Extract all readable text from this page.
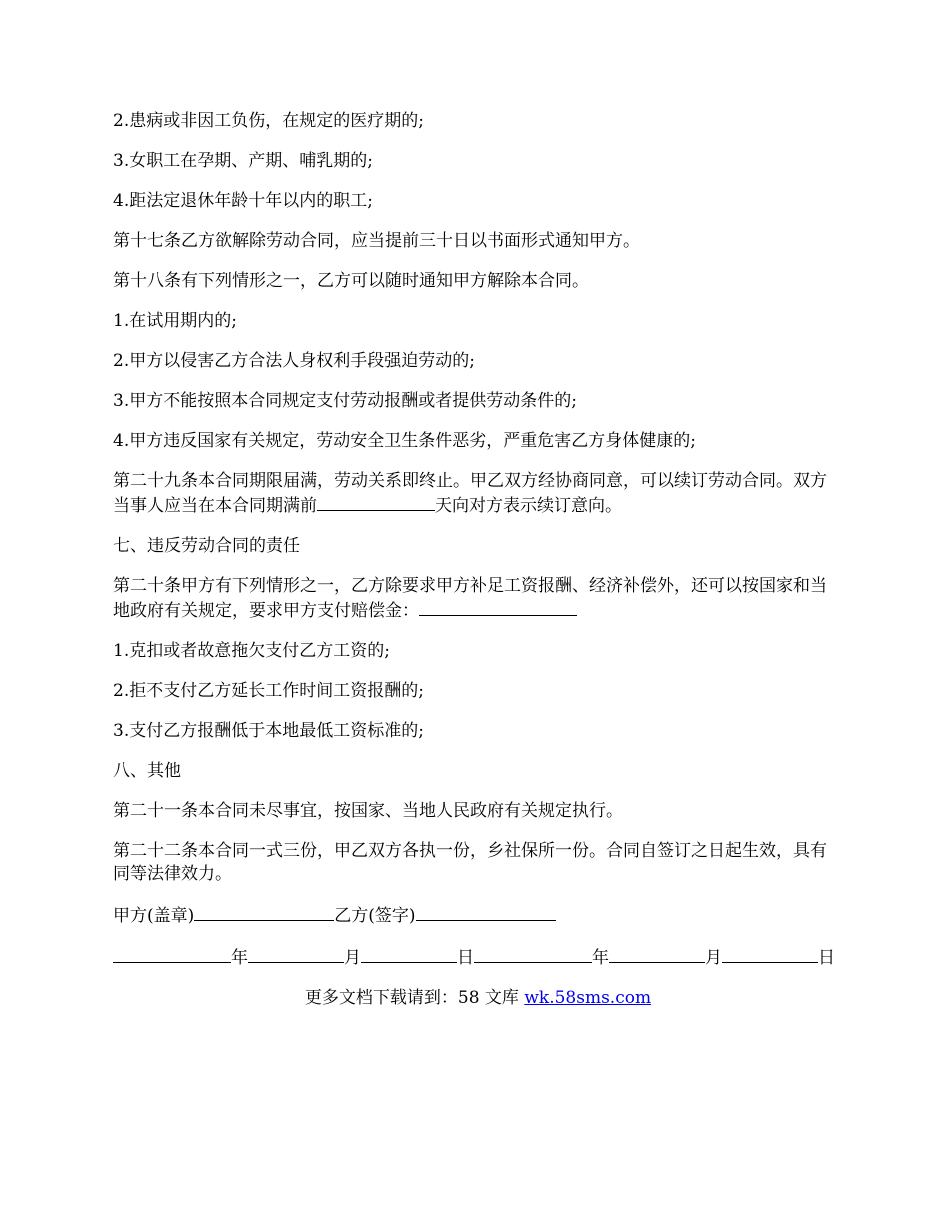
2.患病或非因工负伤，在规定的医疗期的;

3.女职工在孕期、产期、哺乳期的;

4.距法定退休年龄十年以内的职工;

第十七条乙方欲解除劳动合同，应当提前三十日以书面形式通知甲方。

第十八条有下列情形之一，乙方可以随时通知甲方解除本合同。

1.在试用期内的;

2.甲方以侵害乙方合法人身权利手段强迫劳动的;

3.甲方不能按照本合同规定支付劳动报酬或者提供劳动条件的;

4.甲方违反国家有关规定，劳动安全卫生条件恶劣，严重危害乙方身体健康的;

第二十九条本合同期限届满，劳动关系即终止。甲乙双方经协商同意，可以续订劳动合同。双方当事人应当在本合同期满前	天向对方表示续订意向。

七、违反劳动合同的责任

第二十条甲方有下列情形之一，乙方除要求甲方补足工资报酬、经济补偿外，还可以按国家和当地政府有关规定，要求甲方支付赔偿金：

1.克扣或者故意拖欠支付乙方工资的;

2.拒不支付乙方延长工作时间工资报酬的;

3.支付乙方报酬低于本地最低工资标准的;

八、其他

第二十一条本合同未尽事宜，按国家、当地人民政府有关规定执行。

第二十二条本合同一式三份，甲乙双方各执一份，乡社保所一份。合同自签订之日起生效，具有同等法律效力。

甲方(盖章)	乙方(签字)

年	月	日	年	月	日

更多文档下载请到：58 文库 wk.58sms.com
